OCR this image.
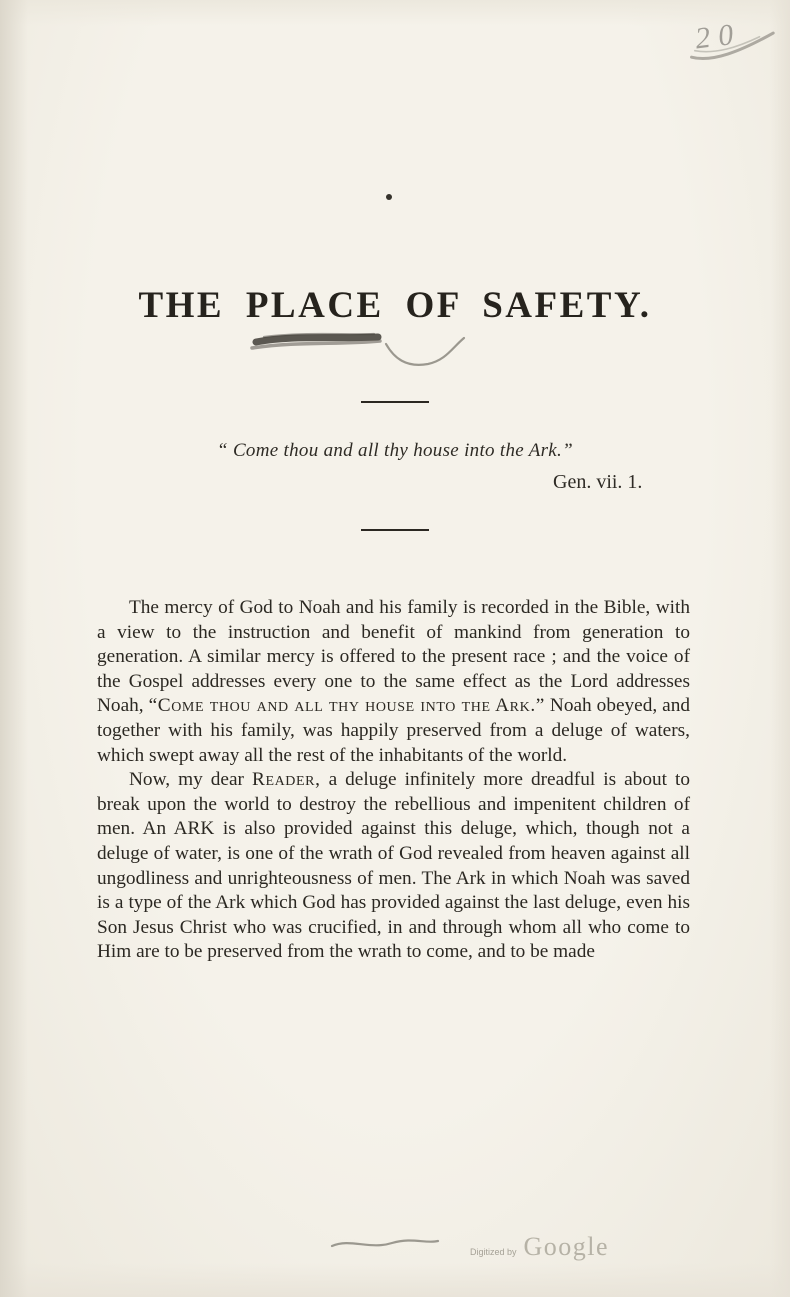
20
THE PLACE OF SAFETY.
“ Come thou and all thy house into the Ark.”
Gen. vii. 1.

The mercy of God to Noah and his family is recorded in the Bible, with a view to the instruction and benefit of mankind from generation to generation. A similar mercy is offered to the present race ; and the voice of the Gospel addresses every one to the same effect as the Lord addresses Noah, “Come thou and all thy house into the Ark.” Noah obeyed, and together with his family, was happily preserved from a deluge of waters, which swept away all the rest of the inhabitants of the world.

Now, my dear Reader, a deluge infinitely more dreadful is about to break upon the world to destroy the rebellious and impenitent children of men. An ARK is also provided against this deluge, which, though not a deluge of water, is one of the wrath of God revealed from heaven against all ungodliness and unrighteousness of men. The Ark in which Noah was saved is a type of the Ark which God has provided against the last deluge, even his Son Jesus Christ who was crucified, in and through whom all who come to Him are to be preserved from the wrath to come, and to be made

Digitized by Google
